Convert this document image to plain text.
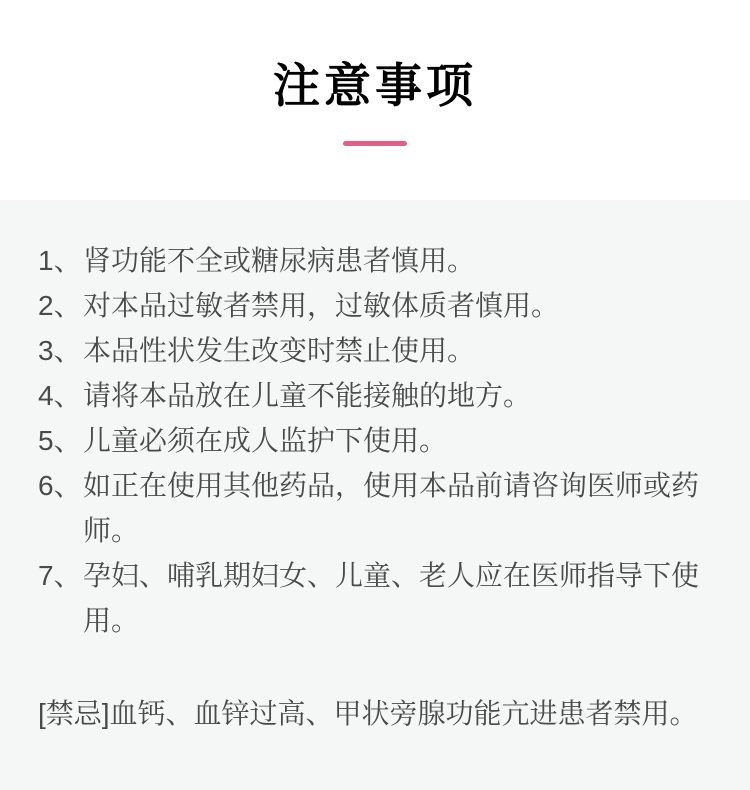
注意事项
1、肾功能不全或糖尿病患者慎用。
2、对本品过敏者禁用，过敏体质者慎用。
3、本品性状发生改变时禁止使用。
4、请将本品放在儿童不能接触的地方。
5、儿童必须在成人监护下使用。
6、如正在使用其他药品，使用本品前请咨询医师或药
师。
7、孕妇、哺乳期妇女、儿童、老人应在医师指导下使
用。
[禁忌]血钙、血锌过高、甲状旁腺功能亢进患者禁用。
